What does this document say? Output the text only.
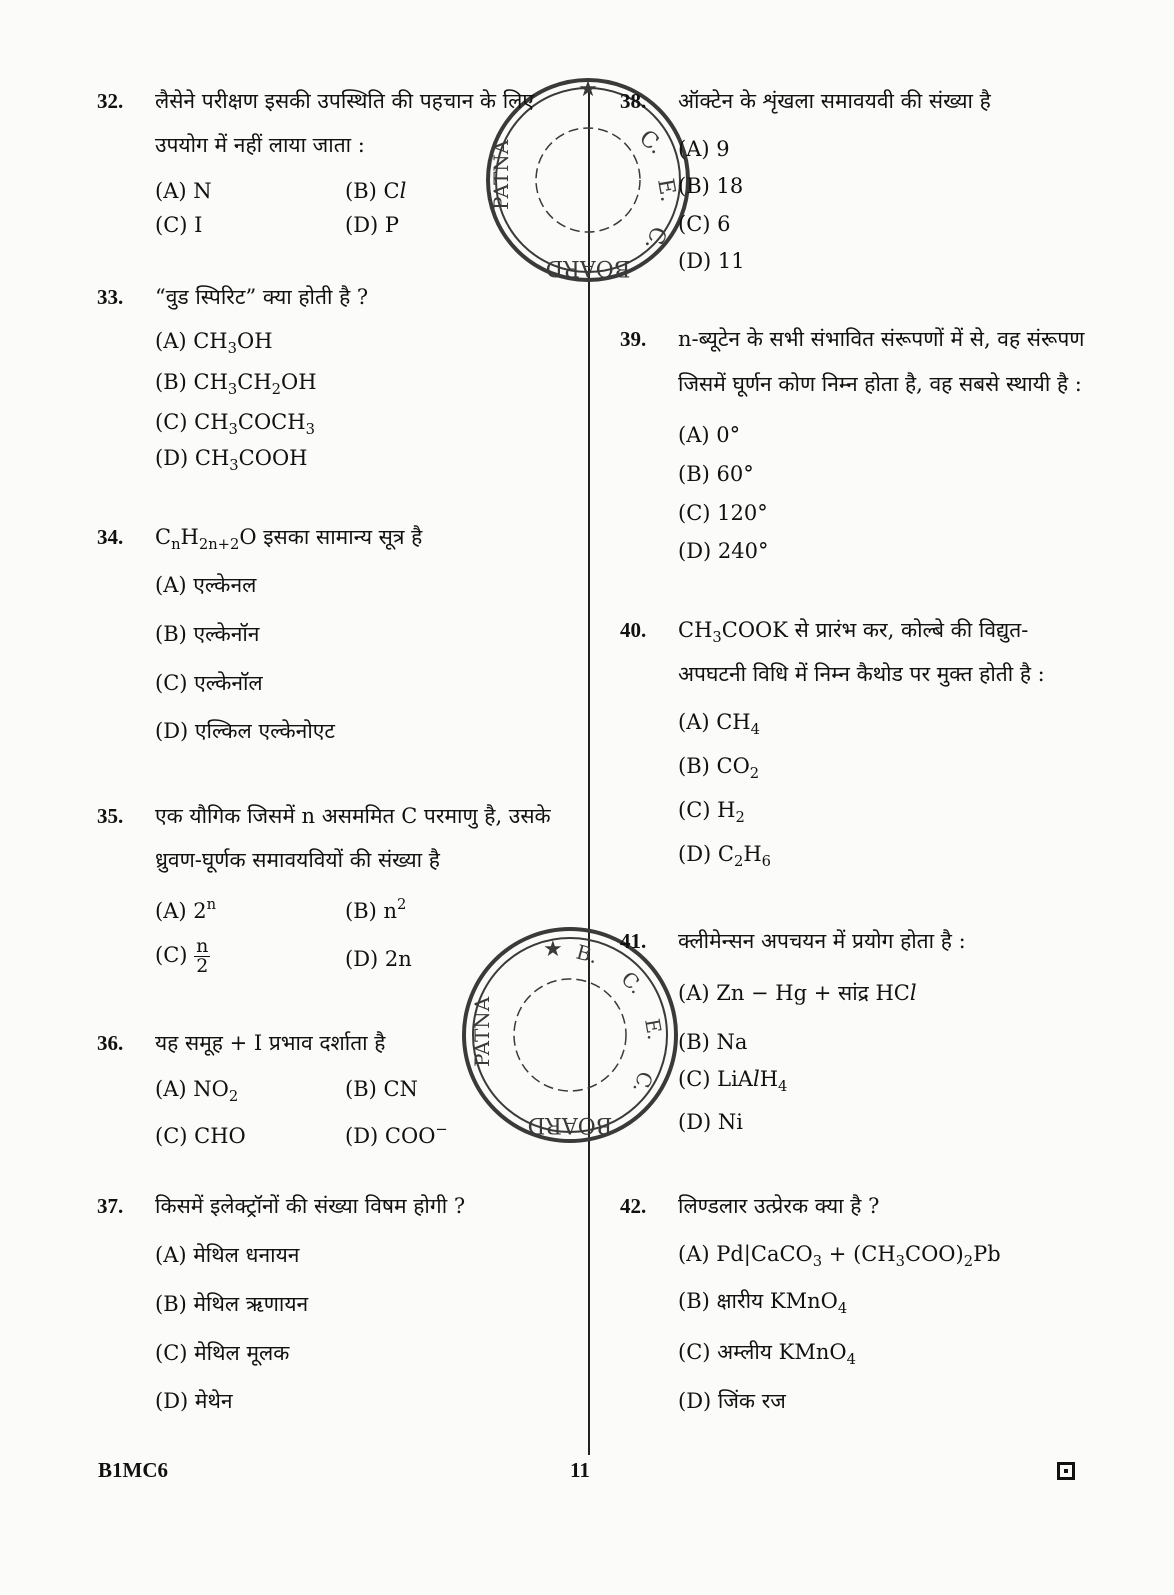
★
C.
E.
C.
BOARD
PATNA
★ B.
C.
E.
C.
BOARD
PATNA
32. लैसेने परीक्षण इसकी उपस्थिति की पहचान के लिए
उपयोग में नहीं लाया जाता :
(A) N	(B) Cl
(C) I	(D) P
33. “वुड स्पिरिट” क्या होती है ?
(A) $CH_3OH$
(B) $CH_3CH_2OH$
(C) $CH_3COCH_3$
(D) $CH_3COOH$
34. $C_nH_{2n+2}O$ इसका सामान्य सूत्र है
(A) एल्केनल
(B) एल्केनॉन
(C) एल्केनॉल
(D) एल्किल एल्केनोएट
35. एक यौगिक जिसमें n असममित C परमाणु है, उसके
ध्रुवण-घूर्णक समावयवियों की संख्या है
(A) 2$^n$	(B) $n^2$
$(C) \frac{n}{2}$	(D) 2n
36. यह समूह + I प्रभाव दर्शाता है
(A) $NO_2$	(B) CN
(C) CHO	(D) COO−
37. किसमें इलेक्ट्रॉनों की संख्या विषम होगी ?
(A) मेथिल धनायन
(B) मेथिल ऋणायन
(C) मेथिल मूलक
(D) मेथेन
38. ऑक्टेन के शृंखला समावयवी की संख्या है
(A) 9
(B) 18
(C) 6
(D) 11
39. n-ब्यूटेन के सभी संभावित संरूपणों में से, वह संरूपण
जिसमें घूर्णन कोण निम्न होता है, वह सबसे स्थायी है :
(A) 0°
(B) 60°
(C) 120°
(D) 240°
40. $CH_3COOK$ से प्रारंभ कर, कोल्बे की विद्युत-
अपघटनी विधि में निम्न कैथोड पर मुक्त होती है :
(A) $CH_4$
(B) $CO_2$
(C) $H_2$
(D) $C_2H_6$
41. क्लीमेन्सन अपचयन में प्रयोग होता है :
(A) Zn − Hg + सांद्र HCl
(B) Na
(C) LiAlH$_4$
(D) Ni
42. लिण्डलार उत्प्रेरक क्या है ?
(A) Pd|CaCO$_3$ + $(CH_3COO)_2Pb$
(B) क्षारीय KMnO$_4$
(C) अम्लीय KMnO$_4$
(D) जिंक रज
B1MC6	11
